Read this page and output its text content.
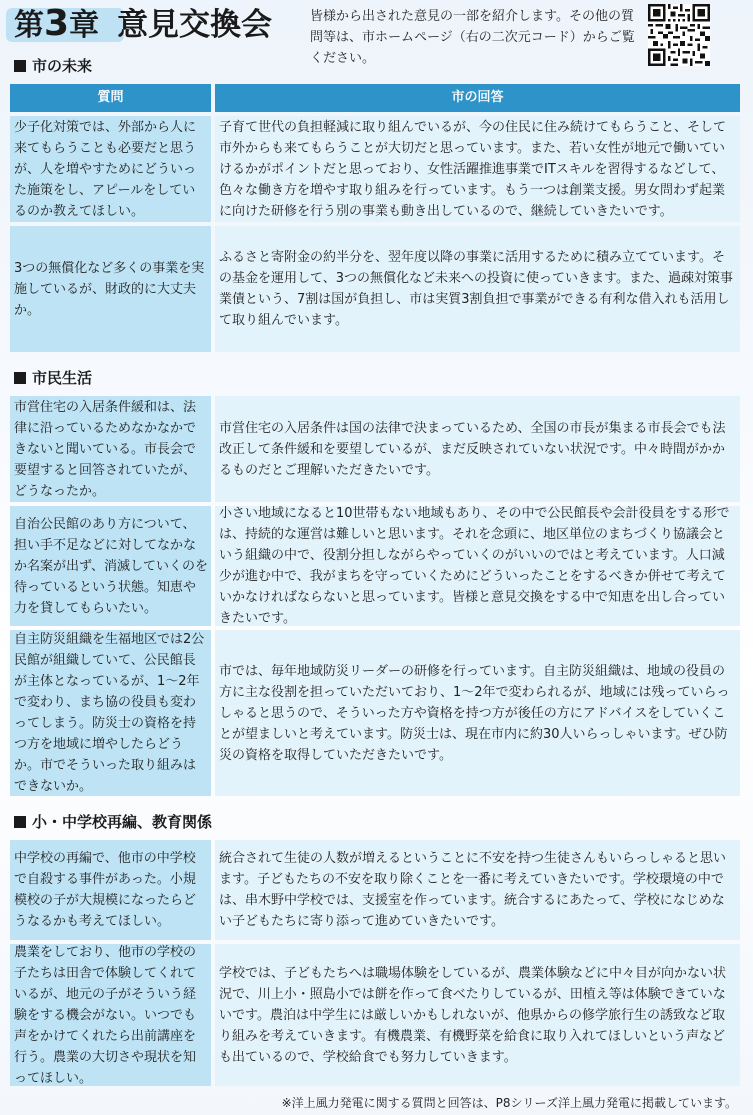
第3章 意見交換会	皆様から出された意見の一部を紹介します。その他の質問等は、市ホームページ（右の二次元コード）からご覧ください。
市の未来
質問	市の回答
少子化対策では、外部から人に来てもらうことも必要だと思うが、人を増やすためにどういった施策をし、アピールをしているのか教えてほしい。
子育て世代の負担軽減に取り組んでいるが、今の住民に住み続けてもらうこと、そして市外からも来てもらうことが大切だと思っています。また、若い女性が地元で働いていけるかがポイントだと思っており、女性活躍推進事業でITスキルを習得するなどして、色々な働き方を増やす取り組みを行っています。もう一つは創業支援。男女問わず起業に向けた研修を行う別の事業も動き出しているので、継続していきたいです。
3つの無償化など多くの事業を実施しているが、財政的に大丈夫か。
ふるさと寄附金の約半分を、翌年度以降の事業に活用するために積み立てています。その基金を運用して、3つの無償化など未来への投資に使っていきます。また、過疎対策事業債という、7割は国が負担し、市は実質3割負担で事業ができる有利な借入れも活用して取り組んでいます。
市民生活
市営住宅の入居条件緩和は、法律に沿っているためなかなかできないと聞いている。市長会で要望すると回答されていたが、どうなったか。
市営住宅の入居条件は国の法律で決まっているため、全国の市長が集まる市長会でも法改正して条件緩和を要望しているが、まだ反映されていない状況です。中々時間がかかるものだとご理解いただきたいです。
自治公民館のあり方について、担い手不足などに対してなかなか名案が出ず、消滅していくのを待っているという状態。知恵や力を貸してもらいたい。
小さい地域になると10世帯もない地域もあり、その中で公民館長や会計役員をする形では、持続的な運営は難しいと思います。それを念頭に、地区単位のまちづくり協議会という組織の中で、役割分担しながらやっていくのがいいのではと考えています。人口減少が進む中で、我がまちを守っていくためにどういったことをするべきか併せて考えていかなければならないと思っています。皆様と意見交換をする中で知恵を出し合っていきたいです。
自主防災組織を生福地区では2公民館が組織していて、公民館長が主体となっているが、1～2年で変わり、まち協の役員も変わってしまう。防災士の資格を持つ方を地域に増やしたらどうか。市でそういった取り組みはできないか。
市では、毎年地域防災リーダーの研修を行っています。自主防災組織は、地域の役員の方に主な役割を担っていただいており、1～2年で変わられるが、地域には残っていらっしゃると思うので、そういった方や資格を持つ方が後任の方にアドバイスをしていくことが望ましいと考えています。防災士は、現在市内に約30人いらっしゃいます。ぜひ防災の資格を取得していただきたいです。
小・中学校再編、教育関係
中学校の再編で、他市の中学校で自殺する事件があった。小規模校の子が大規模になったらどうなるかも考えてほしい。
統合されて生徒の人数が増えるということに不安を持つ生徒さんもいらっしゃると思います。子どもたちの不安を取り除くことを一番に考えていきたいです。学校環境の中では、串木野中学校では、支援室を作っています。統合するにあたって、学校になじめない子どもたちに寄り添って進めていきたいです。
農業をしており、他市の学校の子たちは田舎で体験してくれているが、地元の子がそういう経験をする機会がない。いつでも声をかけてくれたら出前講座を行う。農業の大切さや現状を知ってほしい。
学校では、子どもたちへは職場体験をしているが、農業体験などに中々目が向かない状況で、川上小・照島小では餅を作って食べたりしているが、田植え等は体験できていないです。農泊は中学生には厳しいかもしれないが、他県からの修学旅行生の誘致など取り組みを考えていきます。有機農業、有機野菜を給食に取り入れてほしいという声なども出ているので、学校給食でも努力していきます。
※洋上風力発電に関する質問と回答は、P8シリーズ洋上風力発電に掲載しています。
